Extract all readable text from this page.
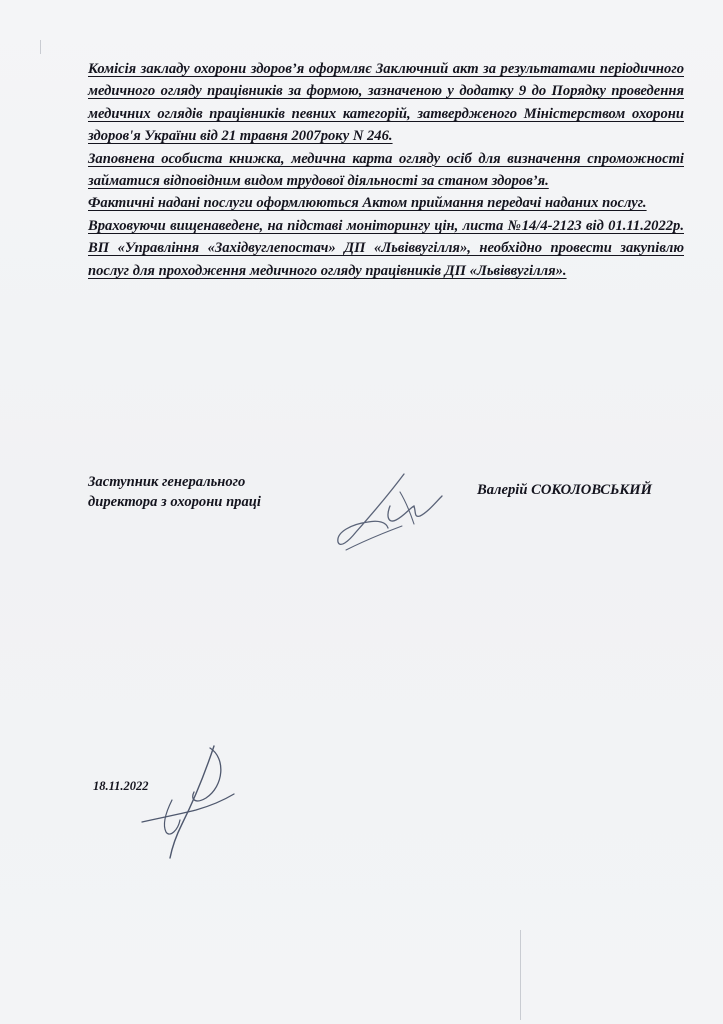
Комісія закладу охорони здоров’я оформляє Заключний акт за результатами періодичного медичного огляду працівників за формою, зазначеною у додатку 9 до Порядку проведення медичних оглядів працівників певних категорій, затвердженого Міністерством охорони здоров'я України від 21 травня 2007року N 246.

Заповнена особиста книжка, медична карта огляду осіб для визначення спроможності займатися відповідним видом трудової діяльності за станом здоров’я.

Фактичні надані послуги оформлюються Актом приймання передачі наданих послуг.

Враховуючи вищенаведене, на підставі моніторингу цін, листа №14/4-2123 від 01.11.2022р. ВП «Управління «Західвуглепостач» ДП «Львіввугілля», необхідно провести закупівлю послуг для проходження медичного огляду працівників ДП «Львіввугілля».

Заступник генерального
директора з охорони праці
Валерій СОКОЛОВСЬКИЙ
18.11.2022
